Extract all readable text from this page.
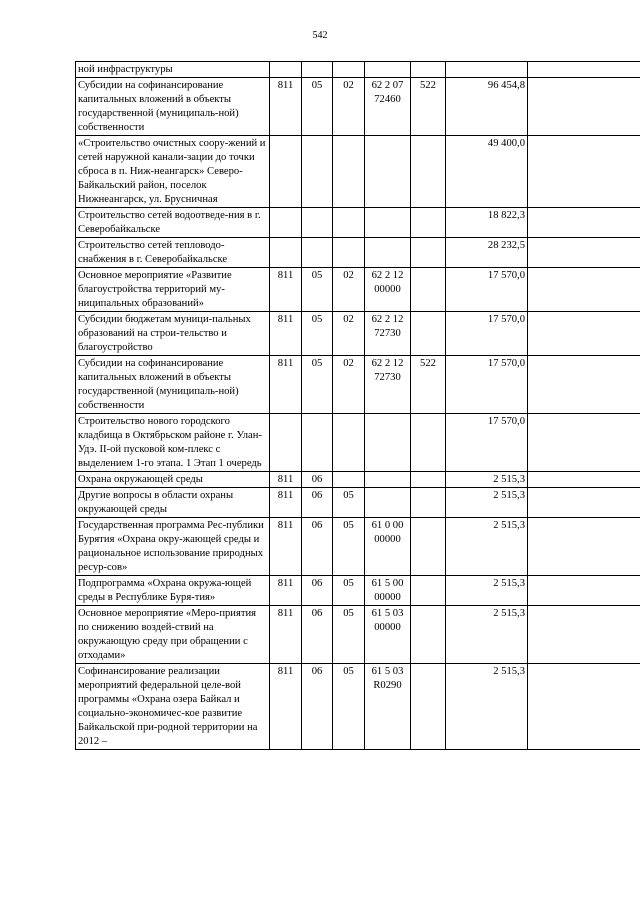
542
ной инфраструктуры							
Субсидии на софинансирование капитальных вложений в объекты государственной (муниципаль-ной) собственности	811	05	02	62 2 07 72460	522	96 454,8	
«Строительство очистных соору-жений и сетей наружной канали-зации до точки сброса в п. Ниж-неангарск» Северо-Байкальский район, поселок Нижнеангарск, ул. Брусничная						49 400,0	
Строительство сетей водоотведе-ния в г. Северобайкальске						18 822,3	
Строительство сетей тепловодо-снабжения в г. Северобайкальске						28 232,5	
Основное мероприятие «Развитие благоустройства территорий му-ниципальных образований»	811	05	02	62 2 12 00000		17 570,0	
Субсидии бюджетам муници-пальных образований на строи-тельство и благоустройство	811	05	02	62 2 12 72730		17 570,0	
Субсидии на софинансирование капитальных вложений в объекты государственной (муниципаль-ной) собственности	811	05	02	62 2 12 72730	522	17 570,0	
Строительство нового городского кладбища в Октябрьском районе г. Улан-Удэ. II-ой пусковой ком-плекс с выделением 1-го этапа. 1 Этап 1 очередь						17 570,0	
Охрана окружающей среды	811	06				2 515,3	
Другие вопросы в области охраны окружающей среды	811	06	05			2 515,3	
Государственная программа Рес-публики Бурятия «Охрана окру-жающей среды и рациональное использование природных ресур-сов»	811	06	05	61 0 00 00000		2 515,3	
Подпрограмма «Охрана окружа-ющей среды в Республике Буря-тия»	811	06	05	61 5 00 00000		2 515,3	
Основное мероприятие «Меро-приятия по снижению воздей-ствий на окружающую среду при обращении с отходами»	811	06	05	61 5 03 00000		2 515,3	
Софинансирование реализации мероприятий федеральной целе-вой программы «Охрана озера Байкал и социально-экономичес-кое развитие Байкальской при-родной территории на 2012 –	811	06	05	61 5 03 R0290		2 515,3	
